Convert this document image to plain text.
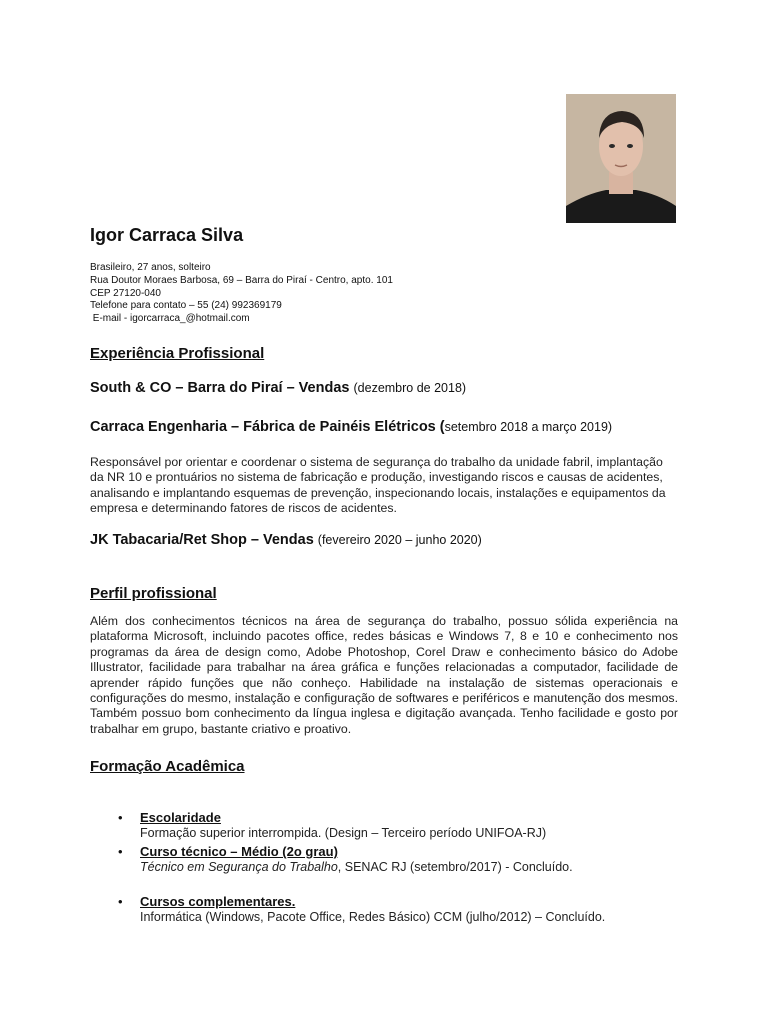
Igor Carraca Silva
Brasileiro, 27 anos, solteiro
Rua Doutor Moraes Barbosa, 69 – Barra do Piraí - Centro, apto. 101
CEP 27120-040
Telefone para contato – 55 (24) 992369179
E-mail - igorcarraca_@hotmail.com
Experiência Profissional
South & CO – Barra do Piraí – Vendas (dezembro de 2018)
Carraca Engenharia – Fábrica de Painéis Elétricos (setembro 2018 a março 2019)
Responsável por orientar e coordenar o sistema de segurança do trabalho da unidade fabril, implantação da NR 10 e prontuários no sistema de fabricação e produção, investigando riscos e causas de acidentes, analisando e implantando esquemas de prevenção, inspecionando locais, instalações e equipamentos da empresa e determinando fatores de riscos de acidentes.
JK Tabacaria/Ret Shop – Vendas (fevereiro 2020 – junho 2020)
Perfil profissional
Além dos conhecimentos técnicos na área de segurança do trabalho, possuo sólida experiência na plataforma Microsoft, incluindo pacotes office, redes básicas e Windows 7, 8 e 10 e conhecimento nos programas da área de design como, Adobe Photoshop, Corel Draw e conhecimento básico do Adobe Illustrator, facilidade para trabalhar na área gráfica e funções relacionadas a computador, facilidade de aprender rápido funções que não conheço. Habilidade na instalação de sistemas operacionais e configurações do mesmo, instalação e configuração de softwares e periféricos e manutenção dos mesmos. Também possuo bom conhecimento da língua inglesa e digitação avançada. Tenho facilidade e gosto por trabalhar em grupo, bastante criativo e proativo.
Formação Acadêmica
• Escolaridade
Formação superior interrompida. (Design – Terceiro período UNIFOA-RJ)
• Curso técnico – Médio (2o grau)
Técnico em Segurança do Trabalho, SENAC RJ (setembro/2017) - Concluído.
• Cursos complementares.
Informática (Windows, Pacote Office, Redes Básico) CCM (julho/2012) – Concluído.
